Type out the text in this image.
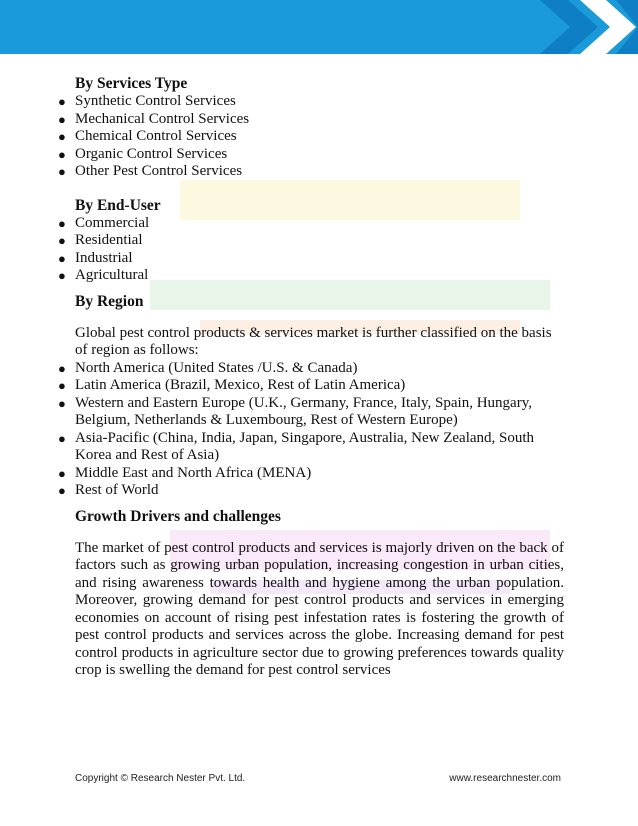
By Services Type

● Synthetic Control Services
● Mechanical Control Services
● Chemical Control Services
● Organic Control Services
● Other Pest Control Services

By End-User

● Commercial
● Residential
● Industrial
● Agricultural

By Region

Global pest control products & services market is further classified on the basis of region as follows:

● North America (United States /U.S. & Canada)
● Latin America (Brazil, Mexico, Rest of Latin America)
● Western and Eastern Europe (U.K., Germany, France, Italy, Spain, Hungary, Belgium, Netherlands & Luxembourg, Rest of Western Europe)
● Asia-Pacific (China, India, Japan, Singapore, Australia, New Zealand, South Korea and Rest of Asia)
● Middle East and North Africa (MENA)
● Rest of World

Growth Drivers and challenges

The market of pest control products and services is majorly driven on the back of factors such as growing urban population, increasing congestion in urban cities, and rising awareness towards health and hygiene among the urban population. Moreover, growing demand for pest control products and services in emerging economies on account of rising pest infestation rates is fostering the growth of pest control products and services across the globe. Increasing demand for pest control products in agriculture sector due to growing preferences towards quality crop is swelling the demand for pest control services

Copyright © Research Nester Pvt. Ltd.	www.researchnester.com
